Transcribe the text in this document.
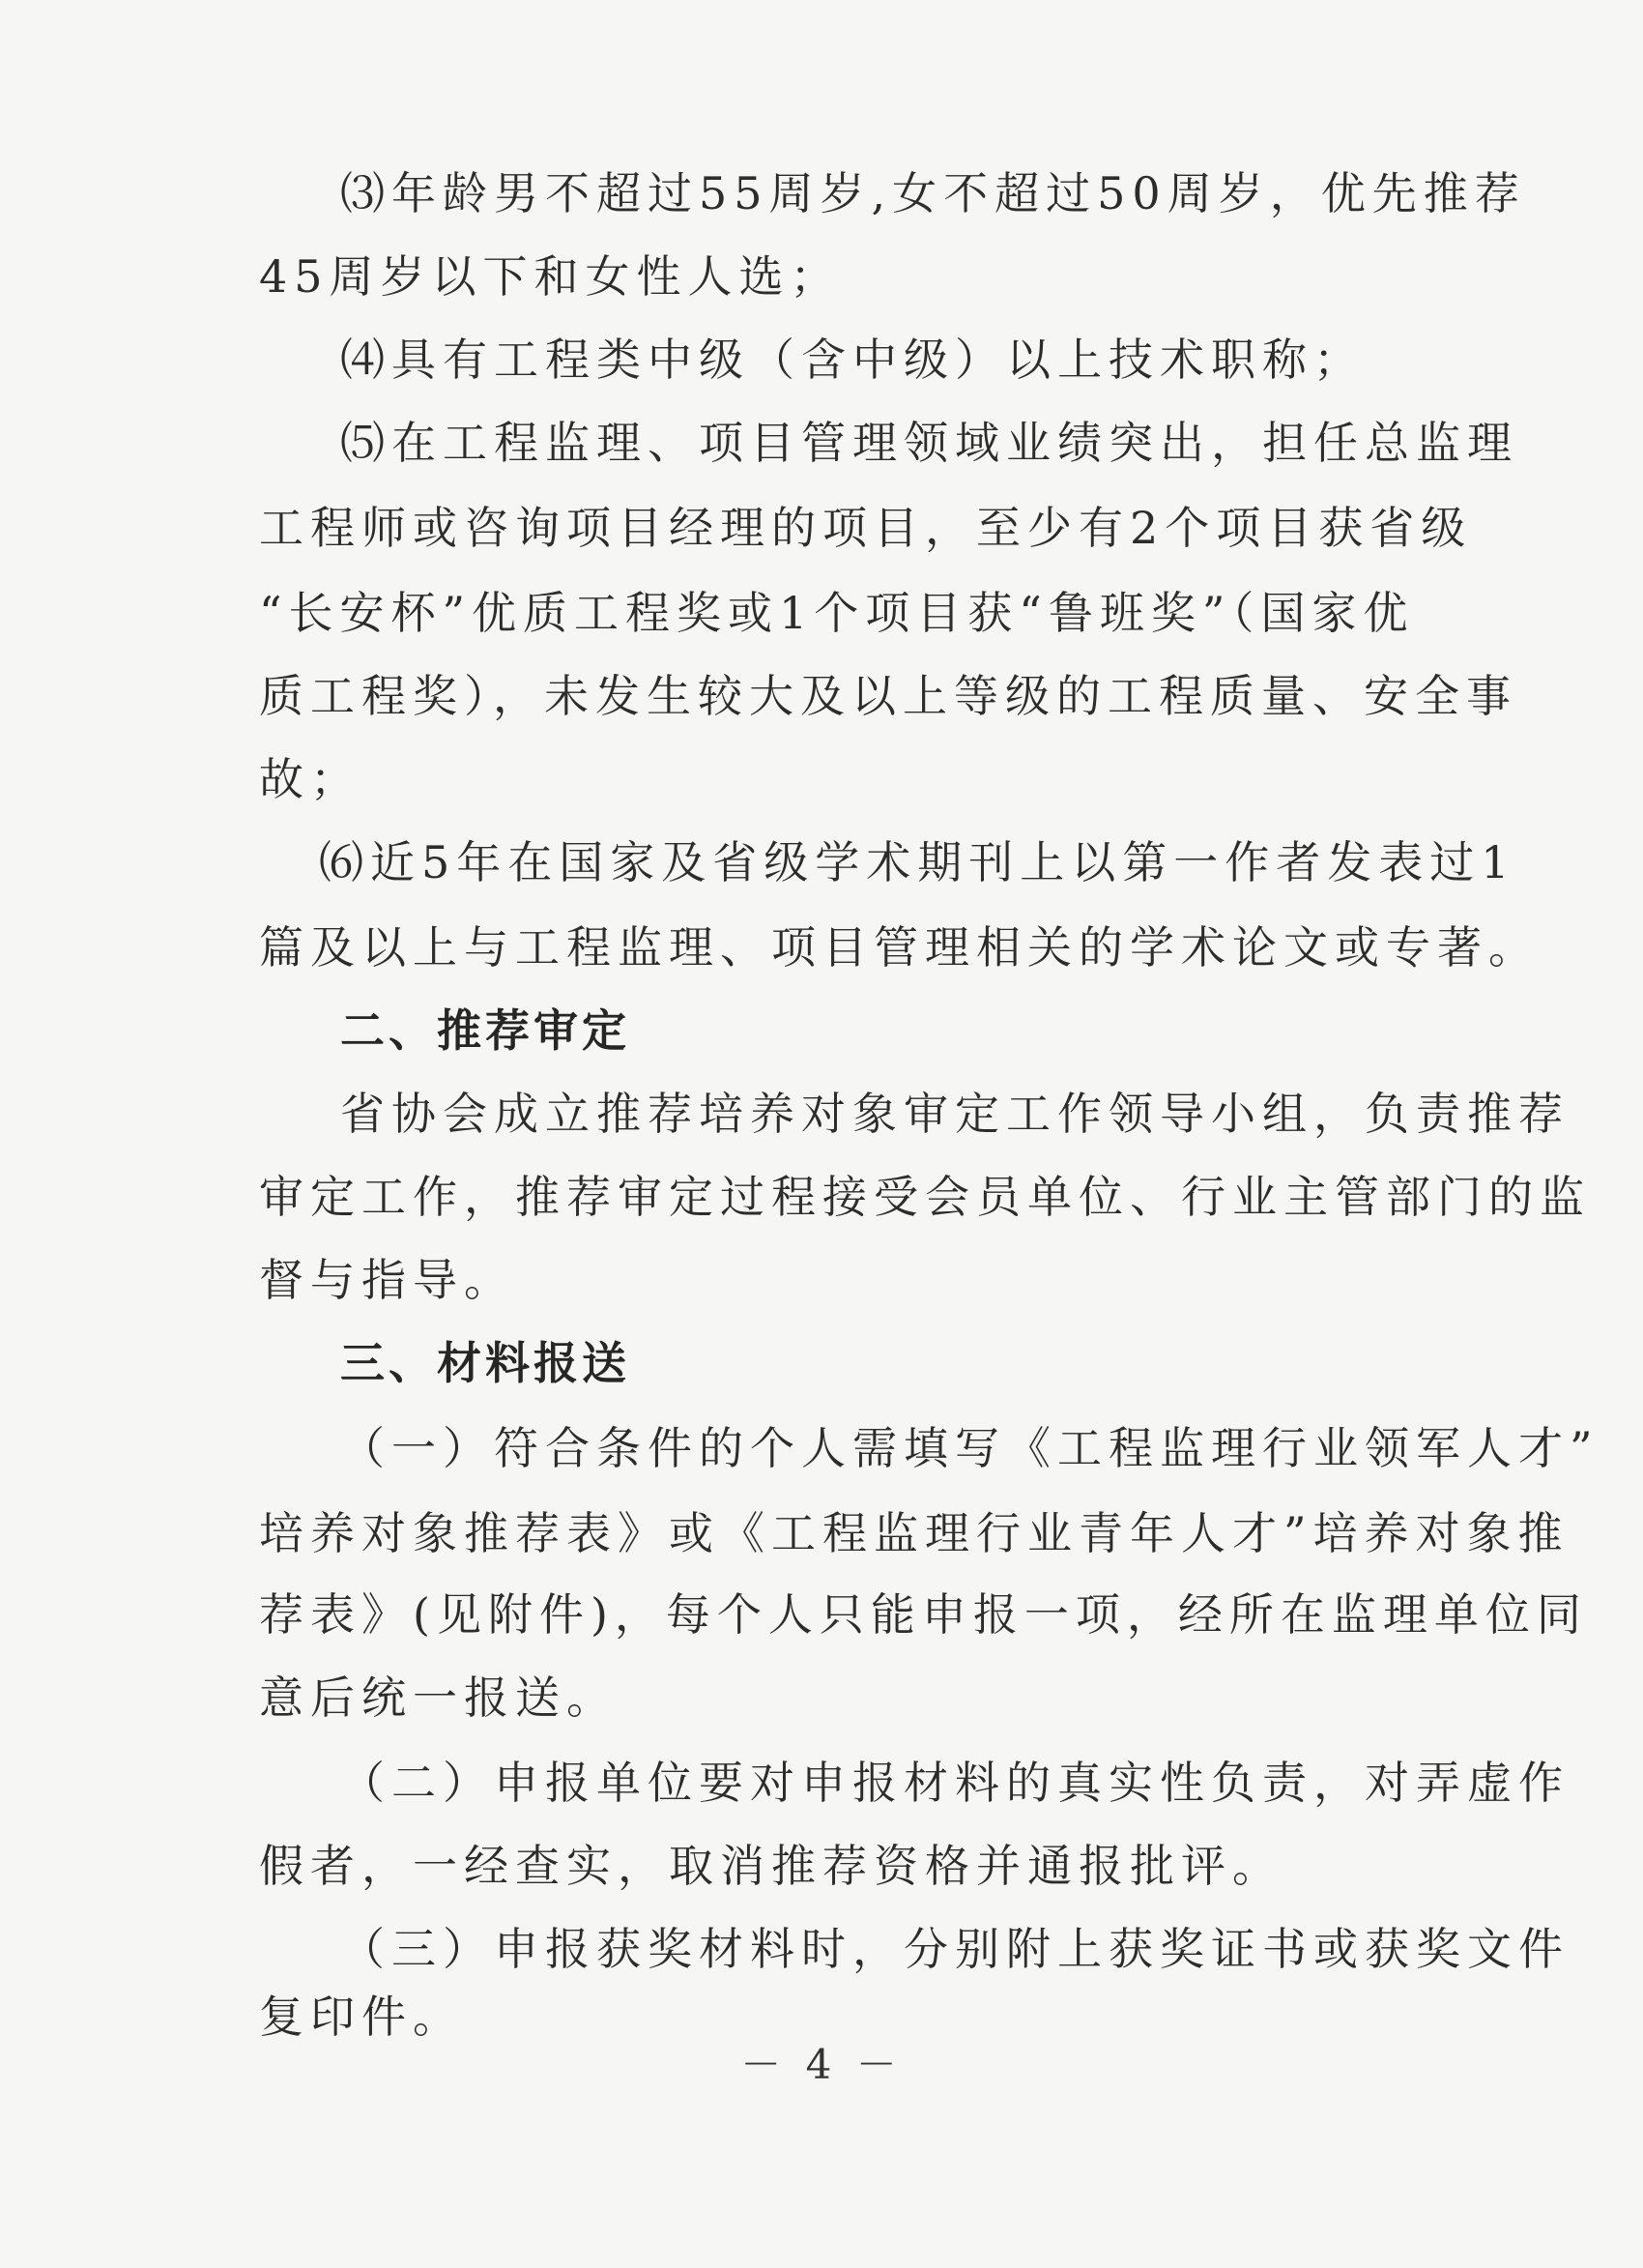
⑶年龄男不超过55周岁,女不超过50周岁，优先推荐
45周岁以下和女性人选；
⑷具有工程类中级（含中级）以上技术职称；
⑸在工程监理、项目管理领域业绩突出，担任总监理
工程师或咨询项目经理的项目，至少有2个项目获省级
“长安杯”优质工程奖或1个项目获“鲁班奖”（国家优
质工程奖），未发生较大及以上等级的工程质量、安全事
故；
⑹近5年在国家及省级学术期刊上以第一作者发表过1
篇及以上与工程监理、项目管理相关的学术论文或专著。
二、推荐审定
省协会成立推荐培养对象审定工作领导小组，负责推荐
审定工作，推荐审定过程接受会员单位、行业主管部门的监
督与指导。
三、材料报送
（一）符合条件的个人需填写《工程监理行业领军人才”
培养对象推荐表》或《工程监理行业青年人才”培养对象推
荐表》(见附件)，每个人只能申报一项，经所在监理单位同
意后统一报送。
（二）申报单位要对申报材料的真实性负责，对弄虚作
假者，一经查实，取消推荐资格并通报批评。
（三）申报获奖材料时，分别附上获奖证书或获奖文件
复印件。
－ 4 －
